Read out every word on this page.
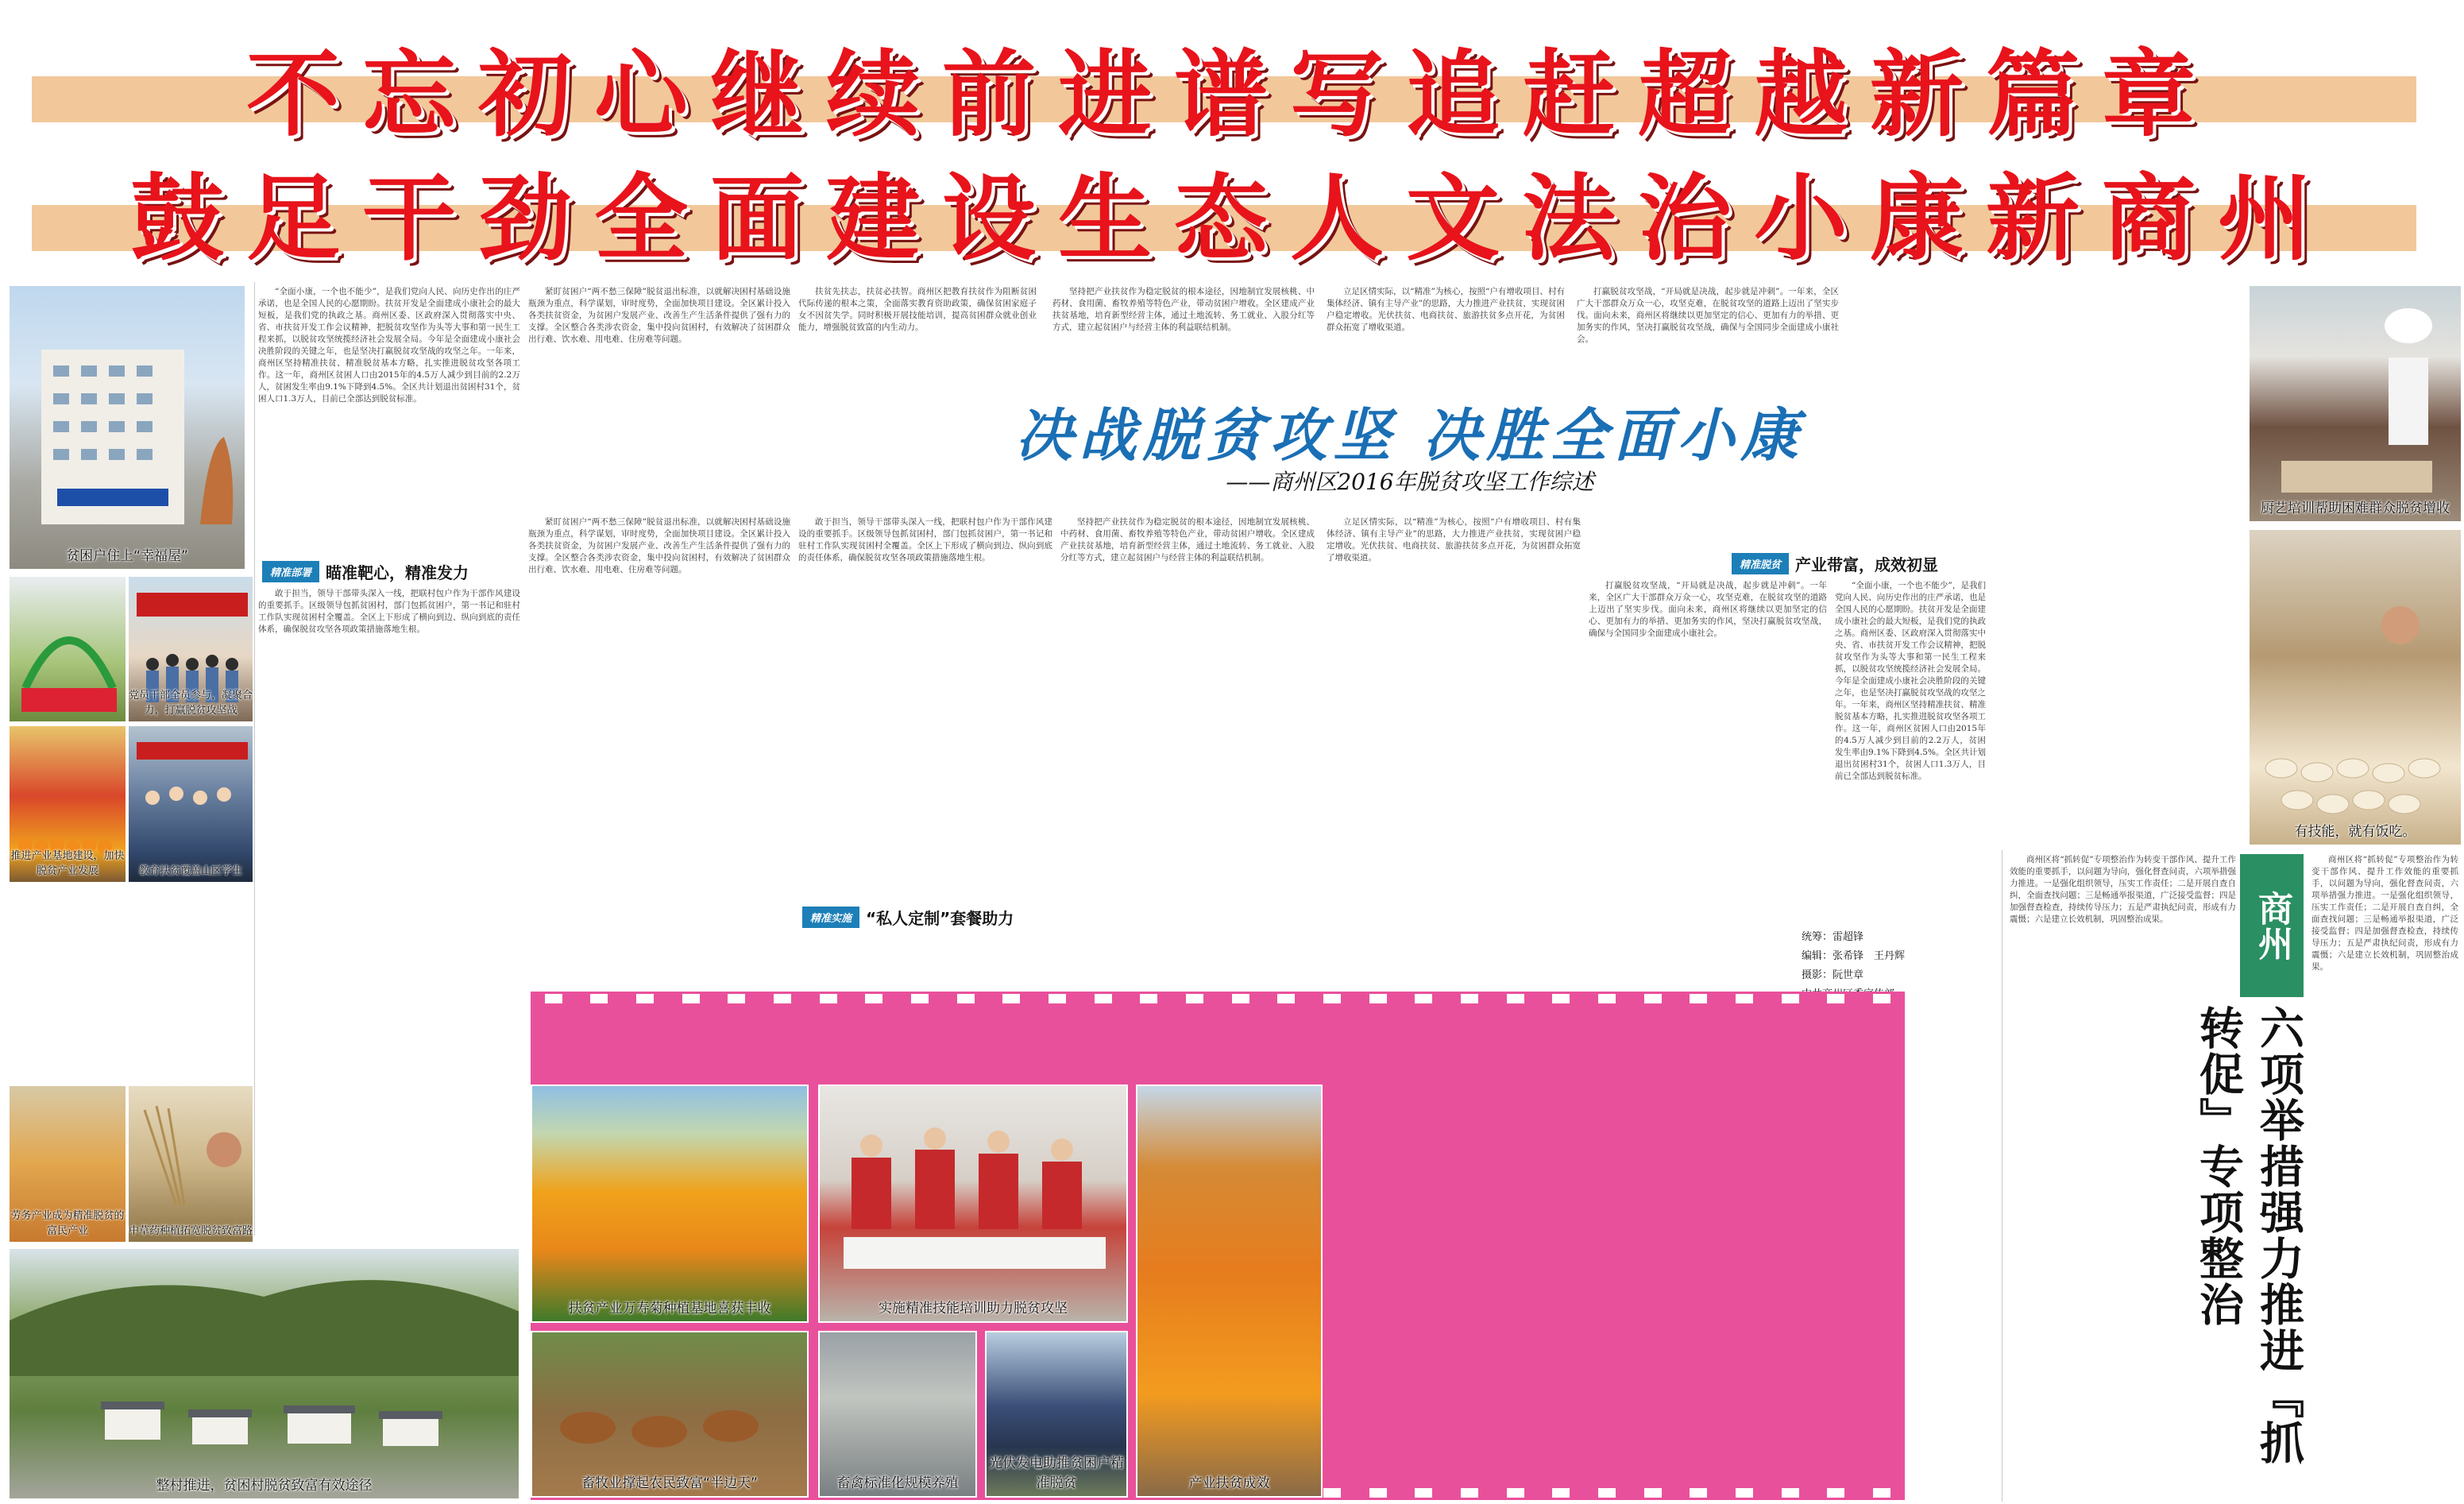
不忘初心继续前进谱写追赶超越新篇章
鼓足干劲全面建设生态人文法治小康新商州
贫困户住上“幸福屋”
党员干部全员参与，凝聚合力，打赢脱贫攻坚战
推进产业基地建设，加快脱贫产业发展	教育扶贫覆盖山区学生
劳务产业成为精准脱贫的富民产业	中草药种植拓宽脱贫致富路
整村推进，贫困村脱贫致富有效途径

“全面小康，一个也不能少”，是我们党向人民、向历史作出的庄严承诺，也是全国人民的心愿期盼。扶贫开发是全面建成小康社会的最大短板，是我们党的执政之基。商州区委、区政府深入贯彻落实中央、省、市扶贫开发工作会议精神，把脱贫攻坚作为头等大事和第一民生工程来抓，以脱贫攻坚统揽经济社会发展全局。今年是全面建成小康社会决胜阶段的关键之年，也是坚决打赢脱贫攻坚战的攻坚之年。一年来，商州区坚持精准扶贫、精准脱贫基本方略，扎实推进脱贫攻坚各项工作。这一年，商州区贫困人口由2015年的4.5万人减少到目前的2.2万人，贫困发生率由9.1%下降到4.5%。全区共计划退出贫困村31个，贫困人口1.3万人，目前已全部达到脱贫标准。

精准部署 瞄准靶心，精准发力

敢于担当，领导干部带头深入一线，把联村包户作为干部作风建设的重要抓手。区级领导包抓贫困村，部门包抓贫困户，第一书记和驻村工作队实现贫困村全覆盖。全区上下形成了横向到边、纵向到底的责任体系，确保脱贫攻坚各项政策措施落地生根。

紧盯贫困户“两不愁三保障”脱贫退出标准，以就解决困村基础设施瓶颈为重点，科学谋划，审时度势，全面加快项目建设。全区累计投入各类扶贫资金，为贫困户发展产业、改善生产生活条件提供了强有力的支撑。全区整合各类涉农资金，集中投向贫困村，有效解决了贫困群众出行难、饮水难、用电难、住房难等问题。

扶贫先扶志，扶贫必扶智。商州区把教育扶贫作为阻断贫困代际传递的根本之策，全面落实教育资助政策，确保贫困家庭子女不因贫失学。同时积极开展技能培训，提高贫困群众就业创业能力，增强脱贫致富的内生动力。

坚持把产业扶贫作为稳定脱贫的根本途径，因地制宜发展核桃、中药材、食用菌、畜牧养殖等特色产业，带动贫困户增收。全区建成产业扶贫基地，培育新型经营主体，通过土地流转、务工就业、入股分红等方式，建立起贫困户与经营主体的利益联结机制。

立足区情实际，以“精准”为核心，按照“户有增收项目、村有集体经济、镇有主导产业”的思路，大力推进产业扶贫，实现贫困户稳定增收。光伏扶贫、电商扶贫、旅游扶贫多点开花，为贫困群众拓宽了增收渠道。

打赢脱贫攻坚战，“开局就是决战，起步就是冲刺”。一年来，全区广大干部群众万众一心，攻坚克难，在脱贫攻坚的道路上迈出了坚实步伐。面向未来，商州区将继续以更加坚定的信心、更加有力的举措、更加务实的作风，坚决打赢脱贫攻坚战，确保与全国同步全面建成小康社会。

决战脱贫攻坚 决胜全面小康
——商州区2016年脱贫攻坚工作综述

紧盯贫困户“两不愁三保障”脱贫退出标准，以就解决困村基础设施瓶颈为重点，科学谋划，审时度势，全面加快项目建设。全区累计投入各类扶贫资金，为贫困户发展产业、改善生产生活条件提供了强有力的支撑。全区整合各类涉农资金，集中投向贫困村，有效解决了贫困群众出行难、饮水难、用电难、住房难等问题。

敢于担当，领导干部带头深入一线，把联村包户作为干部作风建设的重要抓手。区级领导包抓贫困村，部门包抓贫困户，第一书记和驻村工作队实现贫困村全覆盖。全区上下形成了横向到边、纵向到底的责任体系，确保脱贫攻坚各项政策措施落地生根。

精准实施 “私人定制”套餐助力

坚持把产业扶贫作为稳定脱贫的根本途径，因地制宜发展核桃、中药材、食用菌、畜牧养殖等特色产业，带动贫困户增收。全区建成产业扶贫基地，培育新型经营主体，通过土地流转、务工就业、入股分红等方式，建立起贫困户与经营主体的利益联结机制。

立足区情实际，以“精准”为核心，按照“户有增收项目、村有集体经济、镇有主导产业”的思路，大力推进产业扶贫，实现贫困户稳定增收。光伏扶贫、电商扶贫、旅游扶贫多点开花，为贫困群众拓宽了增收渠道。

精准脱贫 产业带富，成效初显

打赢脱贫攻坚战，“开局就是决战，起步就是冲刺”。一年来，全区广大干部群众万众一心，攻坚克难，在脱贫攻坚的道路上迈出了坚实步伐。面向未来，商州区将继续以更加坚定的信心、更加有力的举措、更加务实的作风，坚决打赢脱贫攻坚战，确保与全国同步全面建成小康社会。

“全面小康，一个也不能少”，是我们党向人民、向历史作出的庄严承诺，也是全国人民的心愿期盼。扶贫开发是全面建成小康社会的最大短板，是我们党的执政之基。商州区委、区政府深入贯彻落实中央、省、市扶贫开发工作会议精神，把脱贫攻坚作为头等大事和第一民生工程来抓，以脱贫攻坚统揽经济社会发展全局。今年是全面建成小康社会决胜阶段的关键之年，也是坚决打赢脱贫攻坚战的攻坚之年。一年来，商州区坚持精准扶贫、精准脱贫基本方略，扎实推进脱贫攻坚各项工作。这一年，商州区贫困人口由2015年的4.5万人减少到目前的2.2万人，贫困发生率由9.1%下降到4.5%。全区共计划退出贫困村31个，贫困人口1.3万人，目前已全部达到脱贫标准。

统筹：雷超锋
编辑：张希锋　王丹辉
摄影：阮世章
扶贫产业万寿菊种植基地喜获丰收	实施精准技能培训助力脱贫攻坚
产业扶贫成效
畜牧业撑起农民致富“半边天”	畜禽标准化规模养殖
光伏发电助推贫困户精准脱贫
厨艺培训帮助困难群众脱贫增收
有技能，就有饭吃。

商州区将“抓转促”专项整治作为转变干部作风、提升工作效能的重要抓手，以问题为导向，强化督查问责，六项举措强力推进。一是强化组织领导，压实工作责任；二是开展自查自纠，全面查找问题；三是畅通举报渠道，广泛接受监督；四是加强督查检查，持续传导压力；五是严肃执纪问责，形成有力震慑；六是建立长效机制，巩固整治成果。	商州
六项举措强力推进『抓转促』专项整治

商州区将“抓转促”专项整治作为转变干部作风、提升工作效能的重要抓手，以问题为导向，强化督查问责，六项举措强力推进。一是强化组织领导，压实工作责任；二是开展自查自纠，全面查找问题；三是畅通举报渠道，广泛接受监督；四是加强督查检查，持续传导压力；五是严肃执纪问责，形成有力震慑；六是建立长效机制，巩固整治成果。
